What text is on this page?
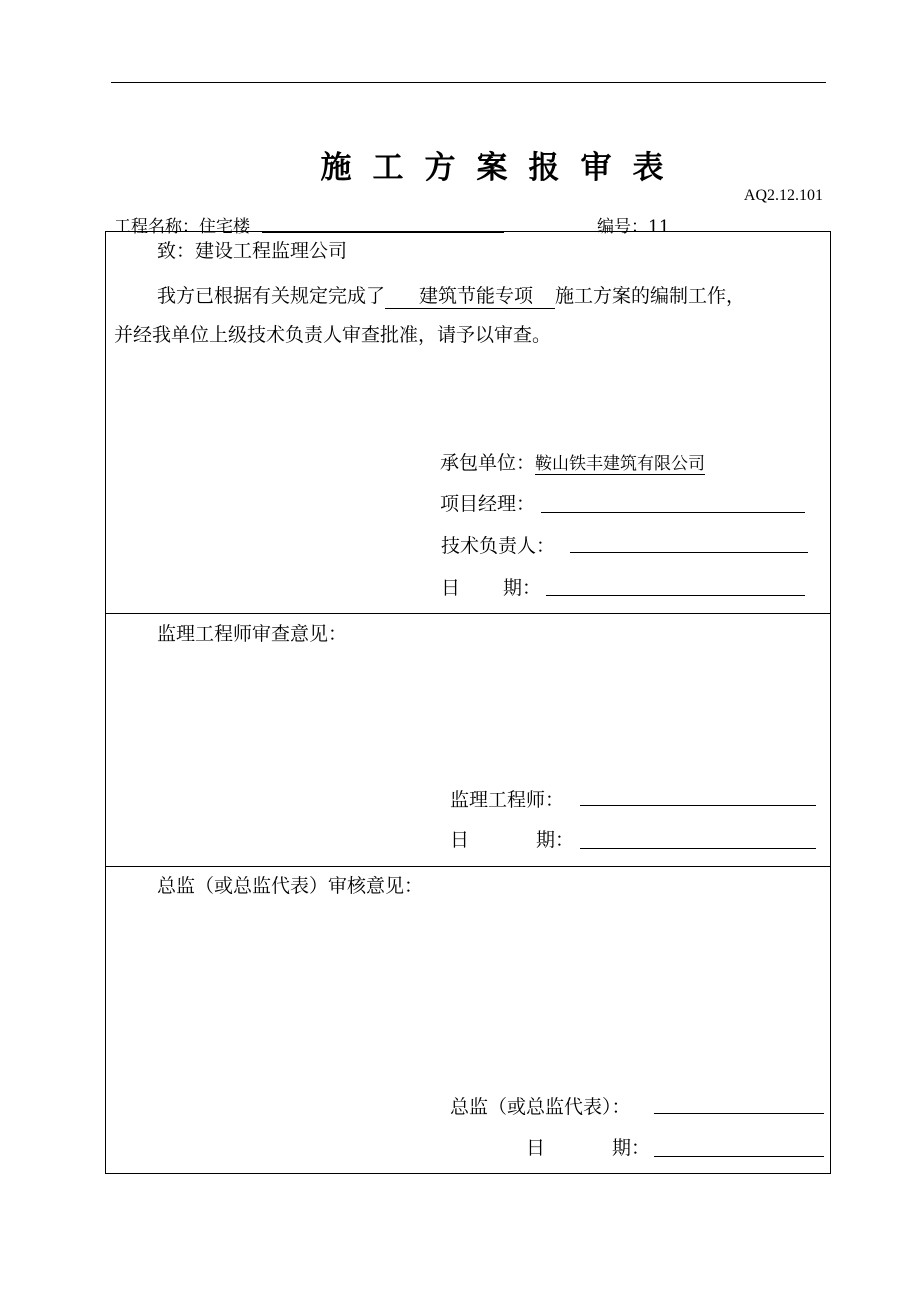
施工方案报审表
AQ2.12.101
工程名称：住宅楼	编号：11
致：建设工程监理公司
我方已根据有关规定完成了 建筑节能专项 施工方案的编制工作，
并经我单位上级技术负责人审查批准，请予以审查。
承包单位：鞍山铁丰建筑有限公司
项目经理：
技术负责人：
日 期：
监理工程师审查意见：
监理工程师：
日	期：
总监（或总监代表）审核意见：
总监（或总监代表）：
日	期：
